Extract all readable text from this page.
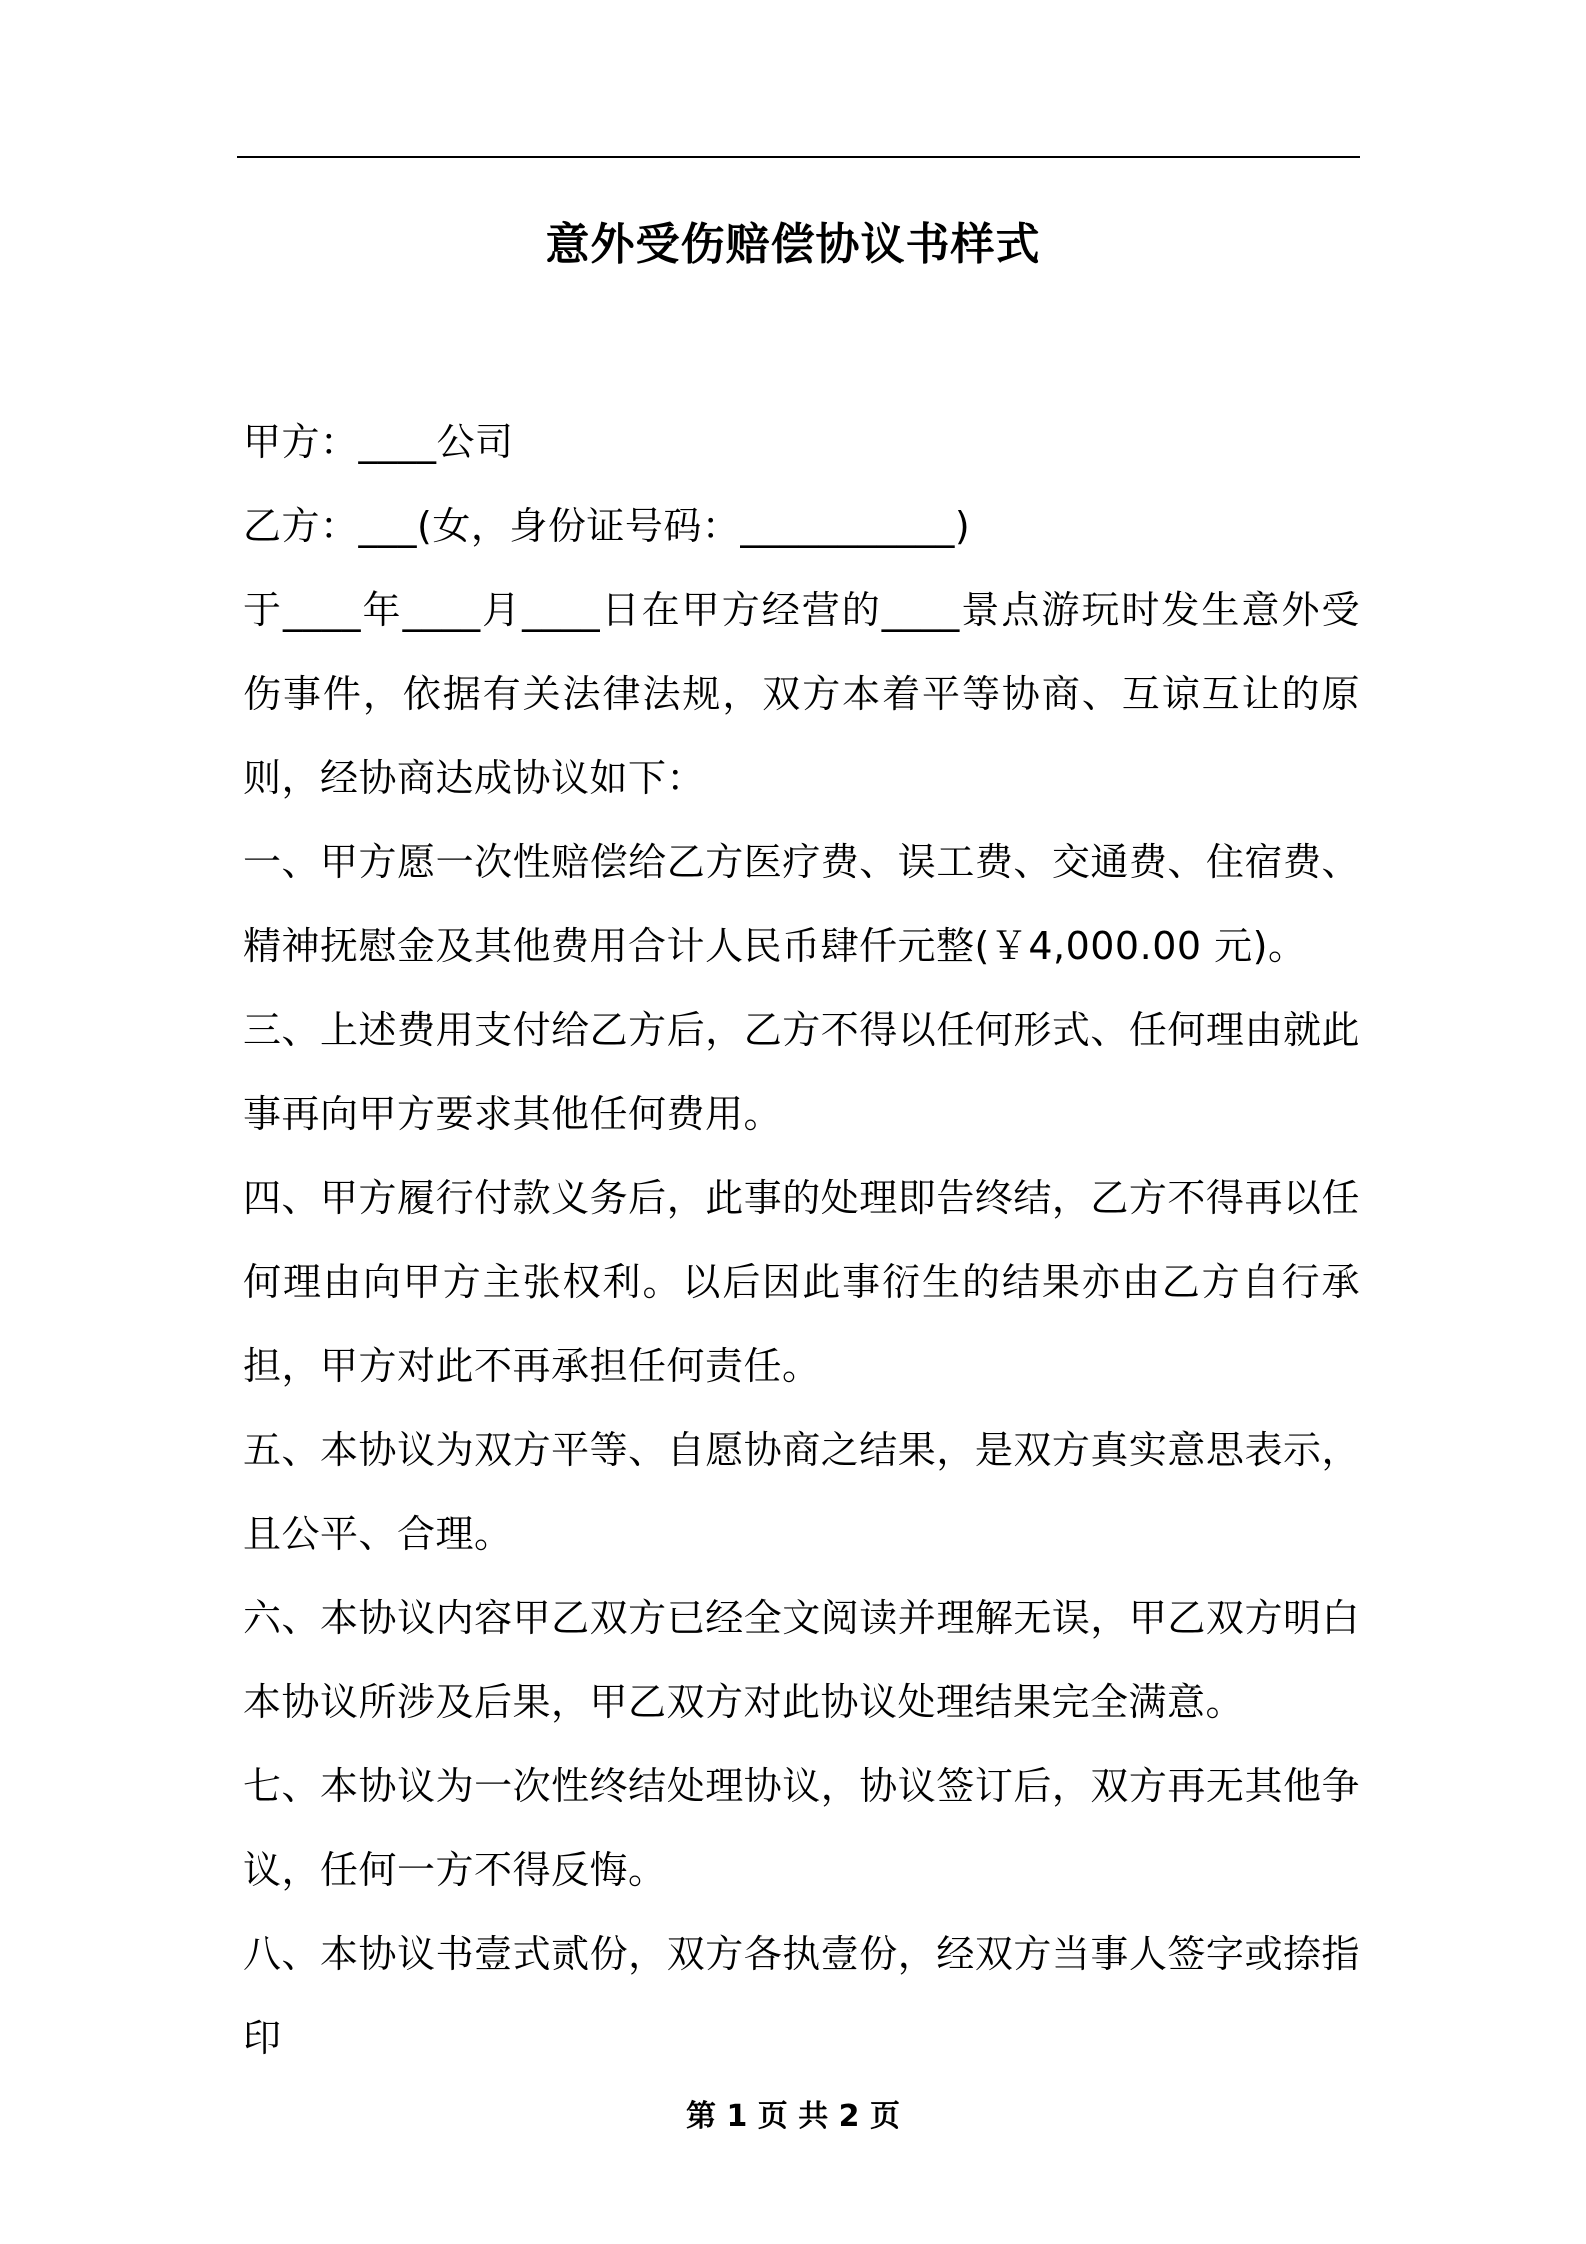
意外受伤赔偿协议书样式

甲方：____公司

乙方：___(女，身份证号码：___________)

于____年____月____日在甲方经营的____景点游玩时发生意外受伤事件，依据有关法律法规，双方本着平等协商、互谅互让的原则，经协商达成协议如下：

一、甲方愿一次性赔偿给乙方医疗费、误工费、交通费、住宿费、精神抚慰金及其他费用合计人民币肆仟元整(￥4,000.00 元)。

三、上述费用支付给乙方后，乙方不得以任何形式、任何理由就此事再向甲方要求其他任何费用。

四、甲方履行付款义务后，此事的处理即告终结，乙方不得再以任何理由向甲方主张权利。以后因此事衍生的结果亦由乙方自行承担，甲方对此不再承担任何责任。

五、本协议为双方平等、自愿协商之结果，是双方真实意思表示，且公平、合理。

六、本协议内容甲乙双方已经全文阅读并理解无误，甲乙双方明白本协议所涉及后果，甲乙双方对此协议处理结果完全满意。

七、本协议为一次性终结处理协议，协议签订后，双方再无其他争议，任何一方不得反悔。

八、本协议书壹式贰份，双方各执壹份，经双方当事人签字或捺指印

第 1 页 共 2 页
